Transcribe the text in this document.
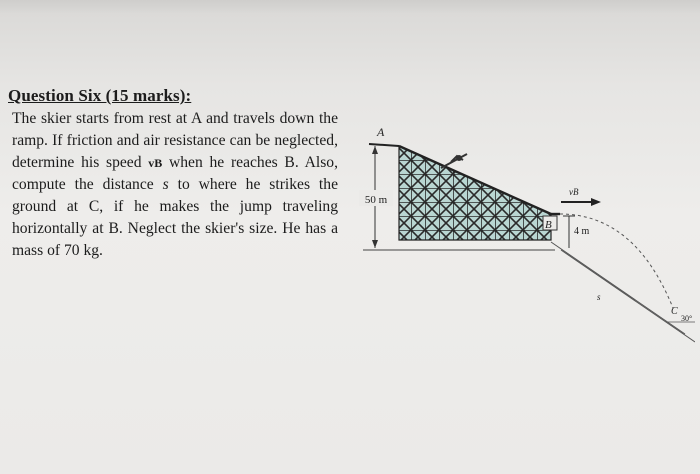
Question Six (15 marks):

The skier starts from rest at A and travels down the ramp. If friction and air resistance can be neglected, determine his speed vB when he reaches B. Also, compute the distance s to where he strikes the ground at C, if he makes the jump traveling horizontally at B. Neglect the skier's size. He has a mass of 70 kg.

50 m
A
B
vB
4 m
s
C
30°
